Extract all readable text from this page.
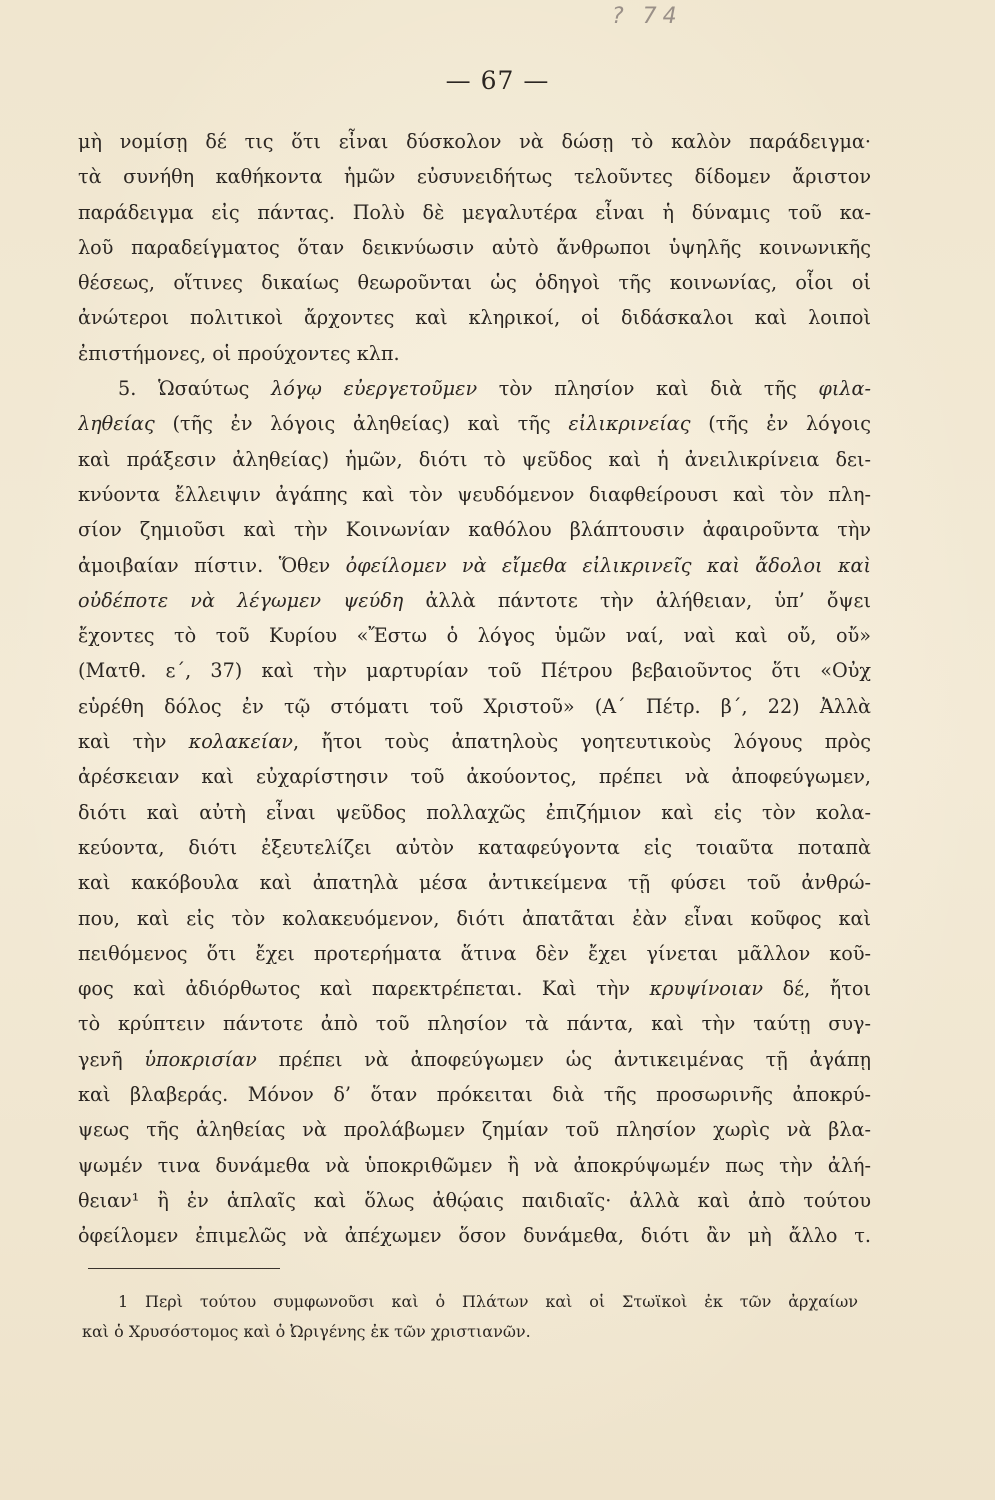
? 74
— 67 —
μὴ νομίσῃ δέ τις ὅτι εἶναι δύσκολον νὰ δώσῃ τὸ καλὸν παράδειγμα·
τὰ συνήθη καθήκοντα ἡμῶν εὐσυνειδήτως τελοῦντες δίδομεν ἄριστον
παράδειγμα εἰς πάντας. Πολὺ δὲ μεγαλυτέρα εἶναι ἡ δύναμις τοῦ κα-
λοῦ παραδείγματος ὅταν δεικνύωσιν αὐτὸ ἄνθρωποι ὑψηλῆς κοινωνικῆς
θέσεως, οἵτινες δικαίως θεωροῦνται ὡς ὁδηγοὶ τῆς κοινωνίας, οἷοι οἱ
ἀνώτεροι πολιτικοὶ ἄρχοντες καὶ κληρικοί, οἱ διδάσκαλοι καὶ λοιποὶ
ἐπιστήμονες, οἱ προύχοντες κλπ.
5. Ὡσαύτως λόγῳ εὐεργετοῦμεν τὸν πλησίον καὶ διὰ τῆς φιλα-
ληθείας (τῆς ἐν λόγοις ἀληθείας) καὶ τῆς εἰλικρινείας (τῆς ἐν λόγοις
καὶ πράξεσιν ἀληθείας) ἡμῶν, διότι τὸ ψεῦδος καὶ ἡ ἀνειλικρίνεια δει-
κνύοντα ἔλλειψιν ἀγάπης καὶ τὸν ψευδόμενον διαφθείρουσι καὶ τὸν πλη-
σίον ζημιοῦσι καὶ τὴν Κοινωνίαν καθόλου βλάπτουσιν ἀφαιροῦντα τὴν
ἀμοιβαίαν πίστιν. Ὅθεν ὀφείλομεν νὰ εἴμεθα εἰλικρινεῖς καὶ ἄδολοι καὶ
οὐδέποτε νὰ λέγωμεν ψεύδη ἀλλὰ πάντοτε τὴν ἀλήθειαν, ὑπ’ ὄψει
ἔχοντες τὸ τοῦ Κυρίου «Ἔστω ὁ λόγος ὑμῶν ναί, ναὶ καὶ οὔ, οὔ»
(Ματθ. ε΄, 37) καὶ τὴν μαρτυρίαν τοῦ Πέτρου βεβαιοῦντος ὅτι «Οὐχ
εὑρέθη δόλος ἐν τῷ στόματι τοῦ Χριστοῦ» (Α΄ Πέτρ. β΄, 22) Ἀλλὰ
καὶ τὴν κολακείαν, ἤτοι τοὺς ἀπατηλοὺς γοητευτικοὺς λόγους πρὸς
ἀρέσκειαν καὶ εὐχαρίστησιν τοῦ ἀκούοντος, πρέπει νὰ ἀποφεύγωμεν,
διότι καὶ αὐτὴ εἶναι ψεῦδος πολλαχῶς ἐπιζήμιον καὶ εἰς τὸν κολα-
κεύοντα, διότι ἐξευτελίζει αὐτὸν καταφεύγοντα εἰς τοιαῦτα ποταπὰ
καὶ κακόβουλα καὶ ἀπατηλὰ μέσα ἀντικείμενα τῇ φύσει τοῦ ἀνθρώ-
που, καὶ εἰς τὸν κολακευόμενον, διότι ἀπατᾶται ἐὰν εἶναι κοῦφος καὶ
πειθόμενος ὅτι ἔχει προτερήματα ἅτινα δὲν ἔχει γίνεται μᾶλλον κοῦ-
φος καὶ ἀδιόρθωτος καὶ παρεκτρέπεται. Καὶ τὴν κρυψίνοιαν δέ, ἤτοι
τὸ κρύπτειν πάντοτε ἀπὸ τοῦ πλησίον τὰ πάντα, καὶ τὴν ταύτῃ συγ-
γενῆ ὑποκρισίαν πρέπει νὰ ἀποφεύγωμεν ὡς ἀντικειμένας τῇ ἀγάπῃ
καὶ βλαβεράς. Μόνον δ’ ὅταν πρόκειται διὰ τῆς προσωρινῆς ἀποκρύ-
ψεως τῆς ἀληθείας νὰ προλάβωμεν ζημίαν τοῦ πλησίον χωρὶς νὰ βλα-
ψωμέν τινα δυνάμεθα νὰ ὑποκριθῶμεν ἢ νὰ ἀποκρύψωμέν πως τὴν ἀλή-
θειαν¹ ἢ ἐν ἁπλαῖς καὶ ὅλως ἀθῴαις παιδιαῖς· ἀλλὰ καὶ ἀπὸ τούτου
ὀφείλομεν ἐπιμελῶς νὰ ἀπέχωμεν ὅσον δυνάμεθα, διότι ἂν μὴ ἄλλο τ.
1 Περὶ τούτου συμφωνοῦσι καὶ ὁ Πλάτων καὶ οἱ Στωϊκοὶ ἐκ τῶν ἀρχαίων
καὶ ὁ Χρυσόστομος καὶ ὁ Ὠριγένης ἐκ τῶν χριστιανῶν.
